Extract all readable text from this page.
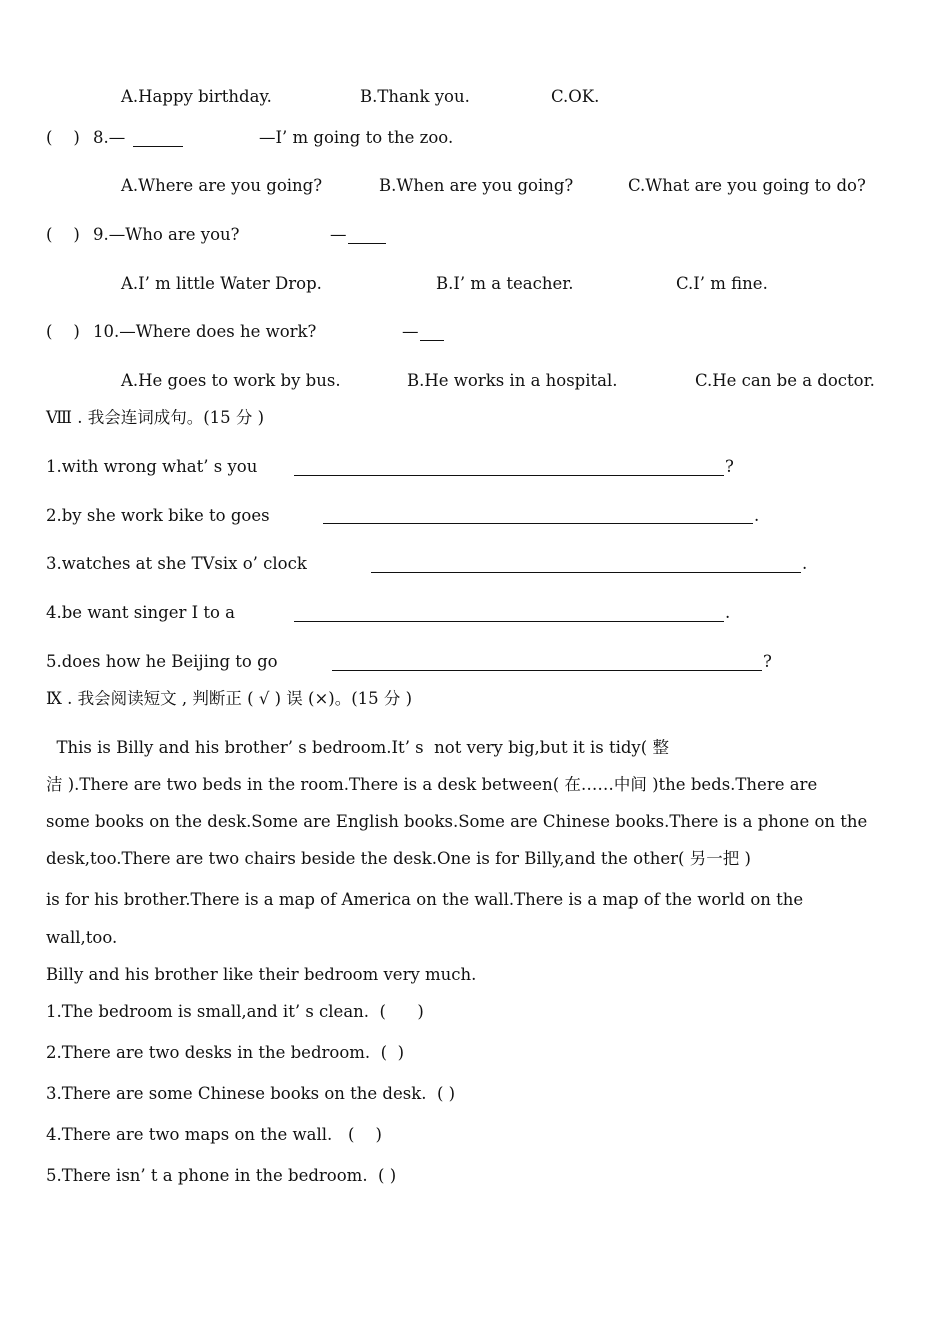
A.Happy birthday.	B.Thank you.	C.OK.
(    ) 8.—	—I’ m going to the zoo.
A.Where are you going?	B.When are you going?	C.What are you going to do?
(    ) 9.—Who are you?	—
A.I’ m little Water Drop.	B.I’ m a teacher.	C.I’ m fine.
(    ) 10.—Where does he work?	—
A.He goes to work by bus.	B.He works in a hospital.	C.He can be a doctor.
Ⅷ . 我会连词成句。(15 分 )
1.with wrong what’ s you	?
2.by she work bike to goes	.
3.watches at she TVsix o’ clock	.
4.be want singer I to a	.
5.does how he Beijing to go	?
Ⅸ . 我会阅读短文 , 判断正 ( √ ) 误 (×)。(15 分 )
This is Billy and his brother’ s bedroom.It’ s  not very big,but it is tidy( 整
洁 ).There are two beds in the room.There is a desk between( 在……中间 )the beds.There are
some books on the desk.Some are English books.Some are Chinese books.There is a phone on the
desk,too.There are two chairs beside the desk.One is for Billy,and the other( 另一把 )
is for his brother.There is a map of America on the wall.There is a map of the world on the
wall,too.
Billy and his brother like their bedroom very much.
1.The bedroom is small,and it’ s clean.  (      )
2.There are two desks in the bedroom.  (  )
3.There are some Chinese books on the desk.  ( )
4.There are two maps on the wall.   (    )
5.There isn’ t a phone in the bedroom.  ( )
